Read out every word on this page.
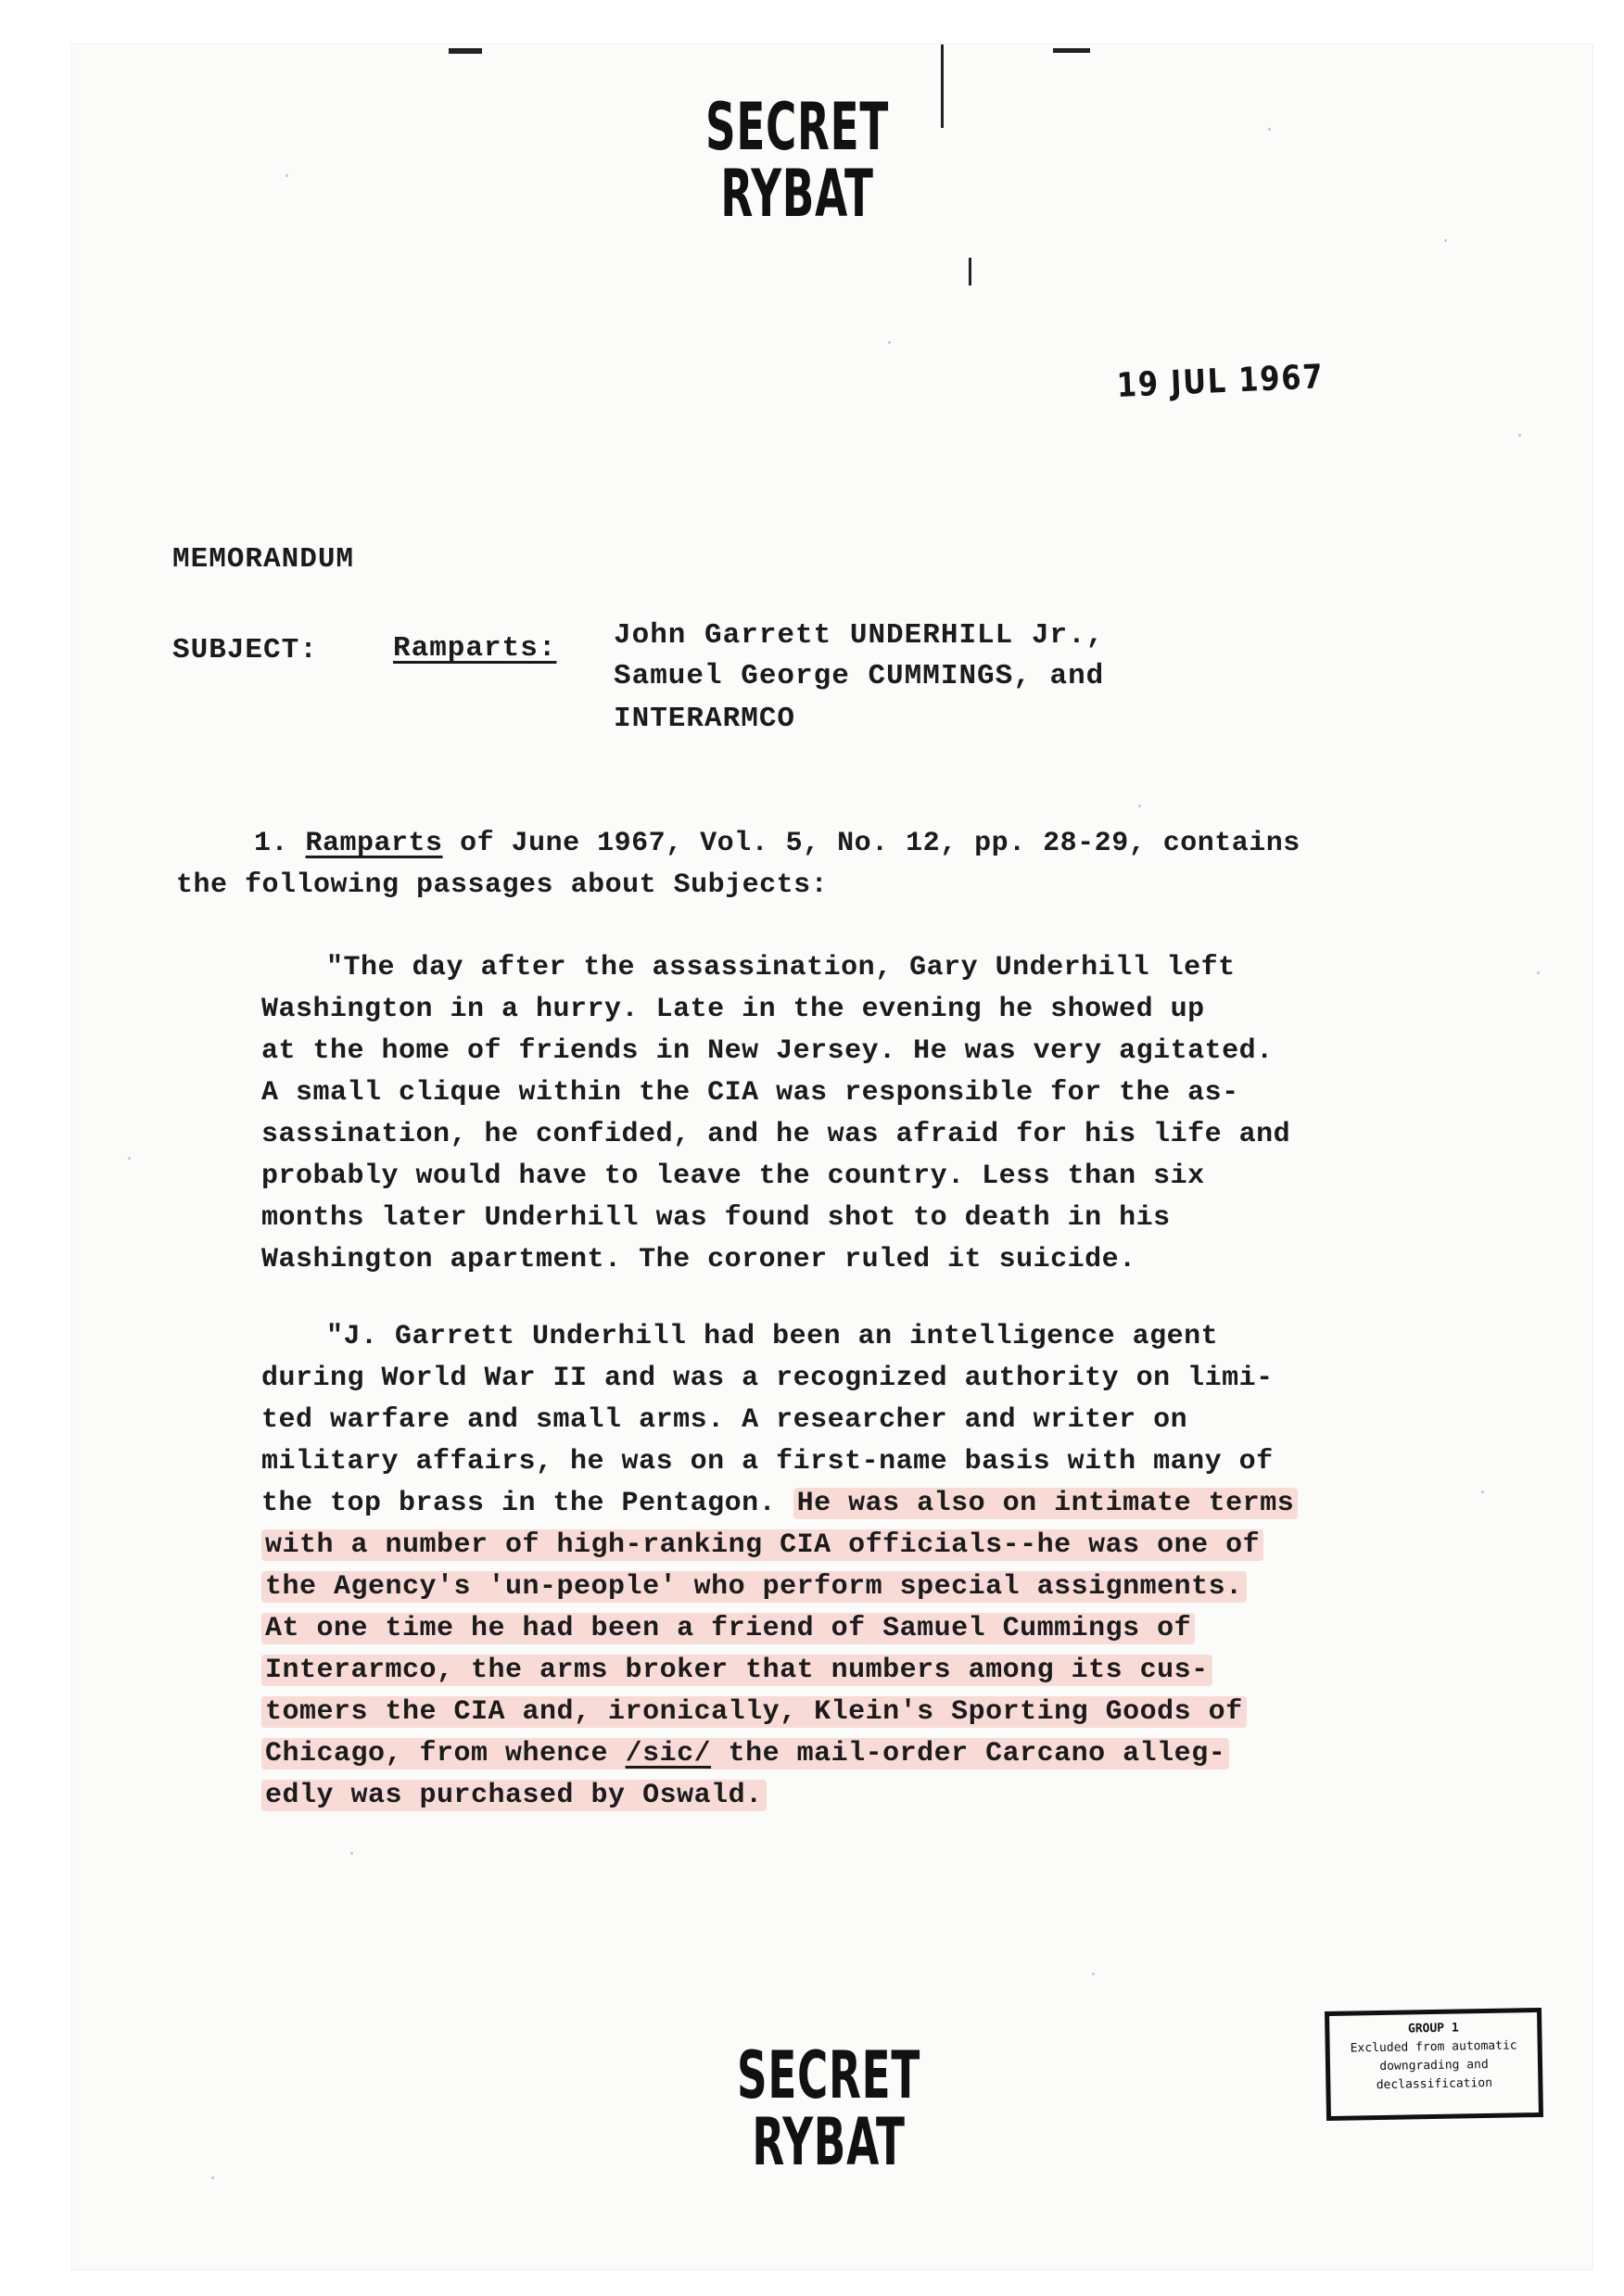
SECRET
RYBAT
19 JUL 1967
MEMORANDUM
SUBJECT:	Ramparts: John Garrett UNDERHILL Jr.,
Samuel George CUMMINGS, and
INTERARMCO
1. Ramparts of June 1967, Vol. 5, No. 12, pp. 28-29, contains
the following passages about Subjects:
"The day after the assassination, Gary Underhill left
Washington in a hurry. Late in the evening he showed up
at the home of friends in New Jersey. He was very agitated.
A small clique within the CIA was responsible for the as-
sassination, he confided, and he was afraid for his life and
probably would have to leave the country. Less than six
months later Underhill was found shot to death in his
Washington apartment. The coroner ruled it suicide.
"J. Garrett Underhill had been an intelligence agent
during World War II and was a recognized authority on limi-
ted warfare and small arms. A researcher and writer on
military affairs, he was on a first-name basis with many of
the top brass in the Pentagon. He was also on intimate terms
with a number of high-ranking CIA officials--he was one of
the Agency's 'un-people' who perform special assignments.
At one time he had been a friend of Samuel Cummings of
Interarmco, the arms broker that numbers among its cus-
tomers the CIA and, ironically, Klein's Sporting Goods of
Chicago, from whence /sic/ the mail-order Carcano alleg-
edly was purchased by Oswald.
SECRET
RYBAT
GROUP 1
Excluded from automatic
downgrading and
declassification
